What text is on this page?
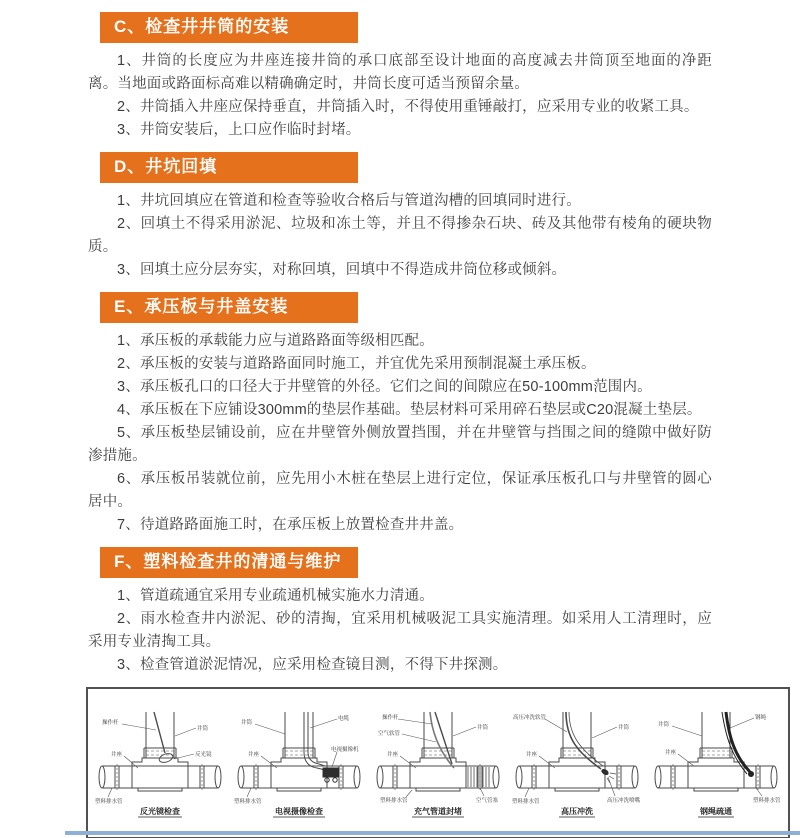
C、检查井井筒的安装

1、井筒的长度应为井座连接井筒的承口底部至设计地面的高度减去井筒顶至地面的净距离。当地面或路面标高难以精确确定时，井筒长度可适当预留余量。

2、井筒插入井座应保持垂直，井筒插入时，不得使用重锤敲打，应采用专业的收紧工具。

3、井筒安装后，上口应作临时封堵。

D、井坑回填

1、井坑回填应在管道和检查等验收合格后与管道沟槽的回填同时进行。

2、回填土不得采用淤泥、垃圾和冻土等，并且不得掺杂石块、砖及其他带有棱角的硬块物质。

3、回填土应分层夯实，对称回填，回填中不得造成井筒位移或倾斜。

E、承压板与井盖安装

1、承压板的承载能力应与道路路面等级相匹配。

2、承压板的安装与道路路面同时施工，并宜优先采用预制混凝土承压板。

3、承压板孔口的口径大于井壁管的外径。它们之间的间隙应在50-100mm范围内。

4、承压板在下应铺设300mm的垫层作基础。垫层材料可采用碎石垫层或C20混凝土垫层。

5、承压板垫层铺设前，应在井壁管外侧放置挡围，并在井壁管与挡围之间的缝隙中做好防渗措施。

6、承压板吊装就位前，应先用小木桩在垫层上进行定位，保证承压板孔口与井壁管的圆心居中。

7、待道路路面施工时，在承压板上放置检查井井盖。

F、塑料检查井的清通与维护

1、管道疏通宜采用专业疏通机械实施水力清通。

2、雨水检查井内淤泥、砂的清掏，宜采用机械吸泥工具实施清理。如采用人工清理时，应采用专业清掏工具。

3、检查管道淤泥情况，应采用检查镜目测，不得下井探测。

操作杆
井筒
井座	反光镜
塑料排水管
反光镜检查
井筒
电缆
电视摄像机
井座
塑料排水管
电视摄像检查
操作杆
空气软管
井筒
井座
塑料排水管	空气管塞
充气管道封堵
高压冲洗软管
井筒
井座
塑料排水管	高压冲洗喷嘴
高压冲洗
井筒
钢绳
井座
塑料排水管
钢绳疏通
